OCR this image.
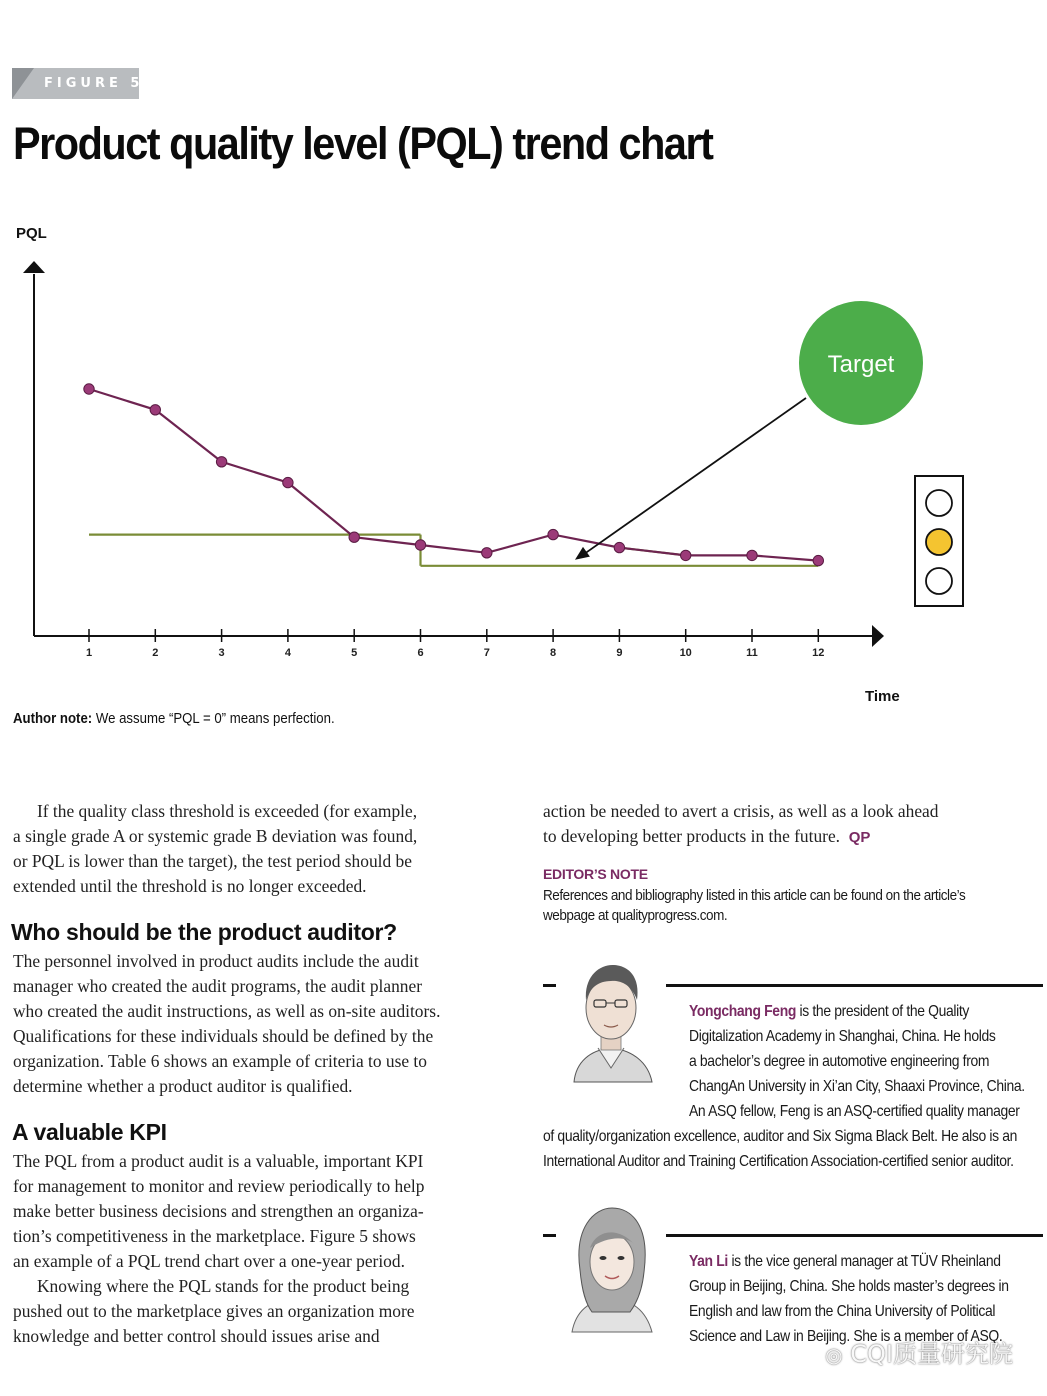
FIGURE 5
Product quality level (PQL) trend chart
PQL
Time
1	2	3	4	5	6	7	8	9	10	11	12
Target
Author note: We assume “PQL = 0” means perfection.
If the quality class threshold is exceeded (for example,
a single grade A or systemic grade B deviation was found,
or PQL is lower than the target), the test period should be
extended until the threshold is no longer exceeded.
Who should be the product auditor?
The personnel involved in product audits include the audit
manager who created the audit programs, the audit planner
who created the audit instructions, as well as on-site auditors.
Qualifications for these individuals should be defined by the
organization. Table 6 shows an example of criteria to use to
determine whether a product auditor is qualified.
A valuable KPI
The PQL from a product audit is a valuable, important KPI
for management to monitor and review periodically to help
make better business decisions and strengthen an organiza-
tion’s competitiveness in the marketplace. Figure 5 shows
an example of a PQL trend chart over a one-year period.
Knowing where the PQL stands for the product being
pushed out to the marketplace gives an organization more
knowledge and better control should issues arise and
action be needed to avert a crisis, as well as a look ahead
to developing better products in the future. QP
EDITOR’S NOTE
References and bibliography listed in this article can be found on the article’s
webpage at qualityprogress.com.
Yongchang Feng is the president of the Quality
Digitalization Academy in Shanghai, China. He holds
a bachelor’s degree in automotive engineering from
ChangAn University in Xi’an City, Shaaxi Province, China.
An ASQ fellow, Feng is an ASQ-certified quality manager
of quality/organization excellence, auditor and Six Sigma Black Belt. He also is an
International Auditor and Training Certification Association-certified senior auditor.
Yan Li is the vice general manager at TÜV Rheinland
Group in Beijing, China. She holds master’s degrees in
English and law from the China University of Political
Science and Law in Beijing. She is a member of ASQ.
◎ CQI质量研究院
